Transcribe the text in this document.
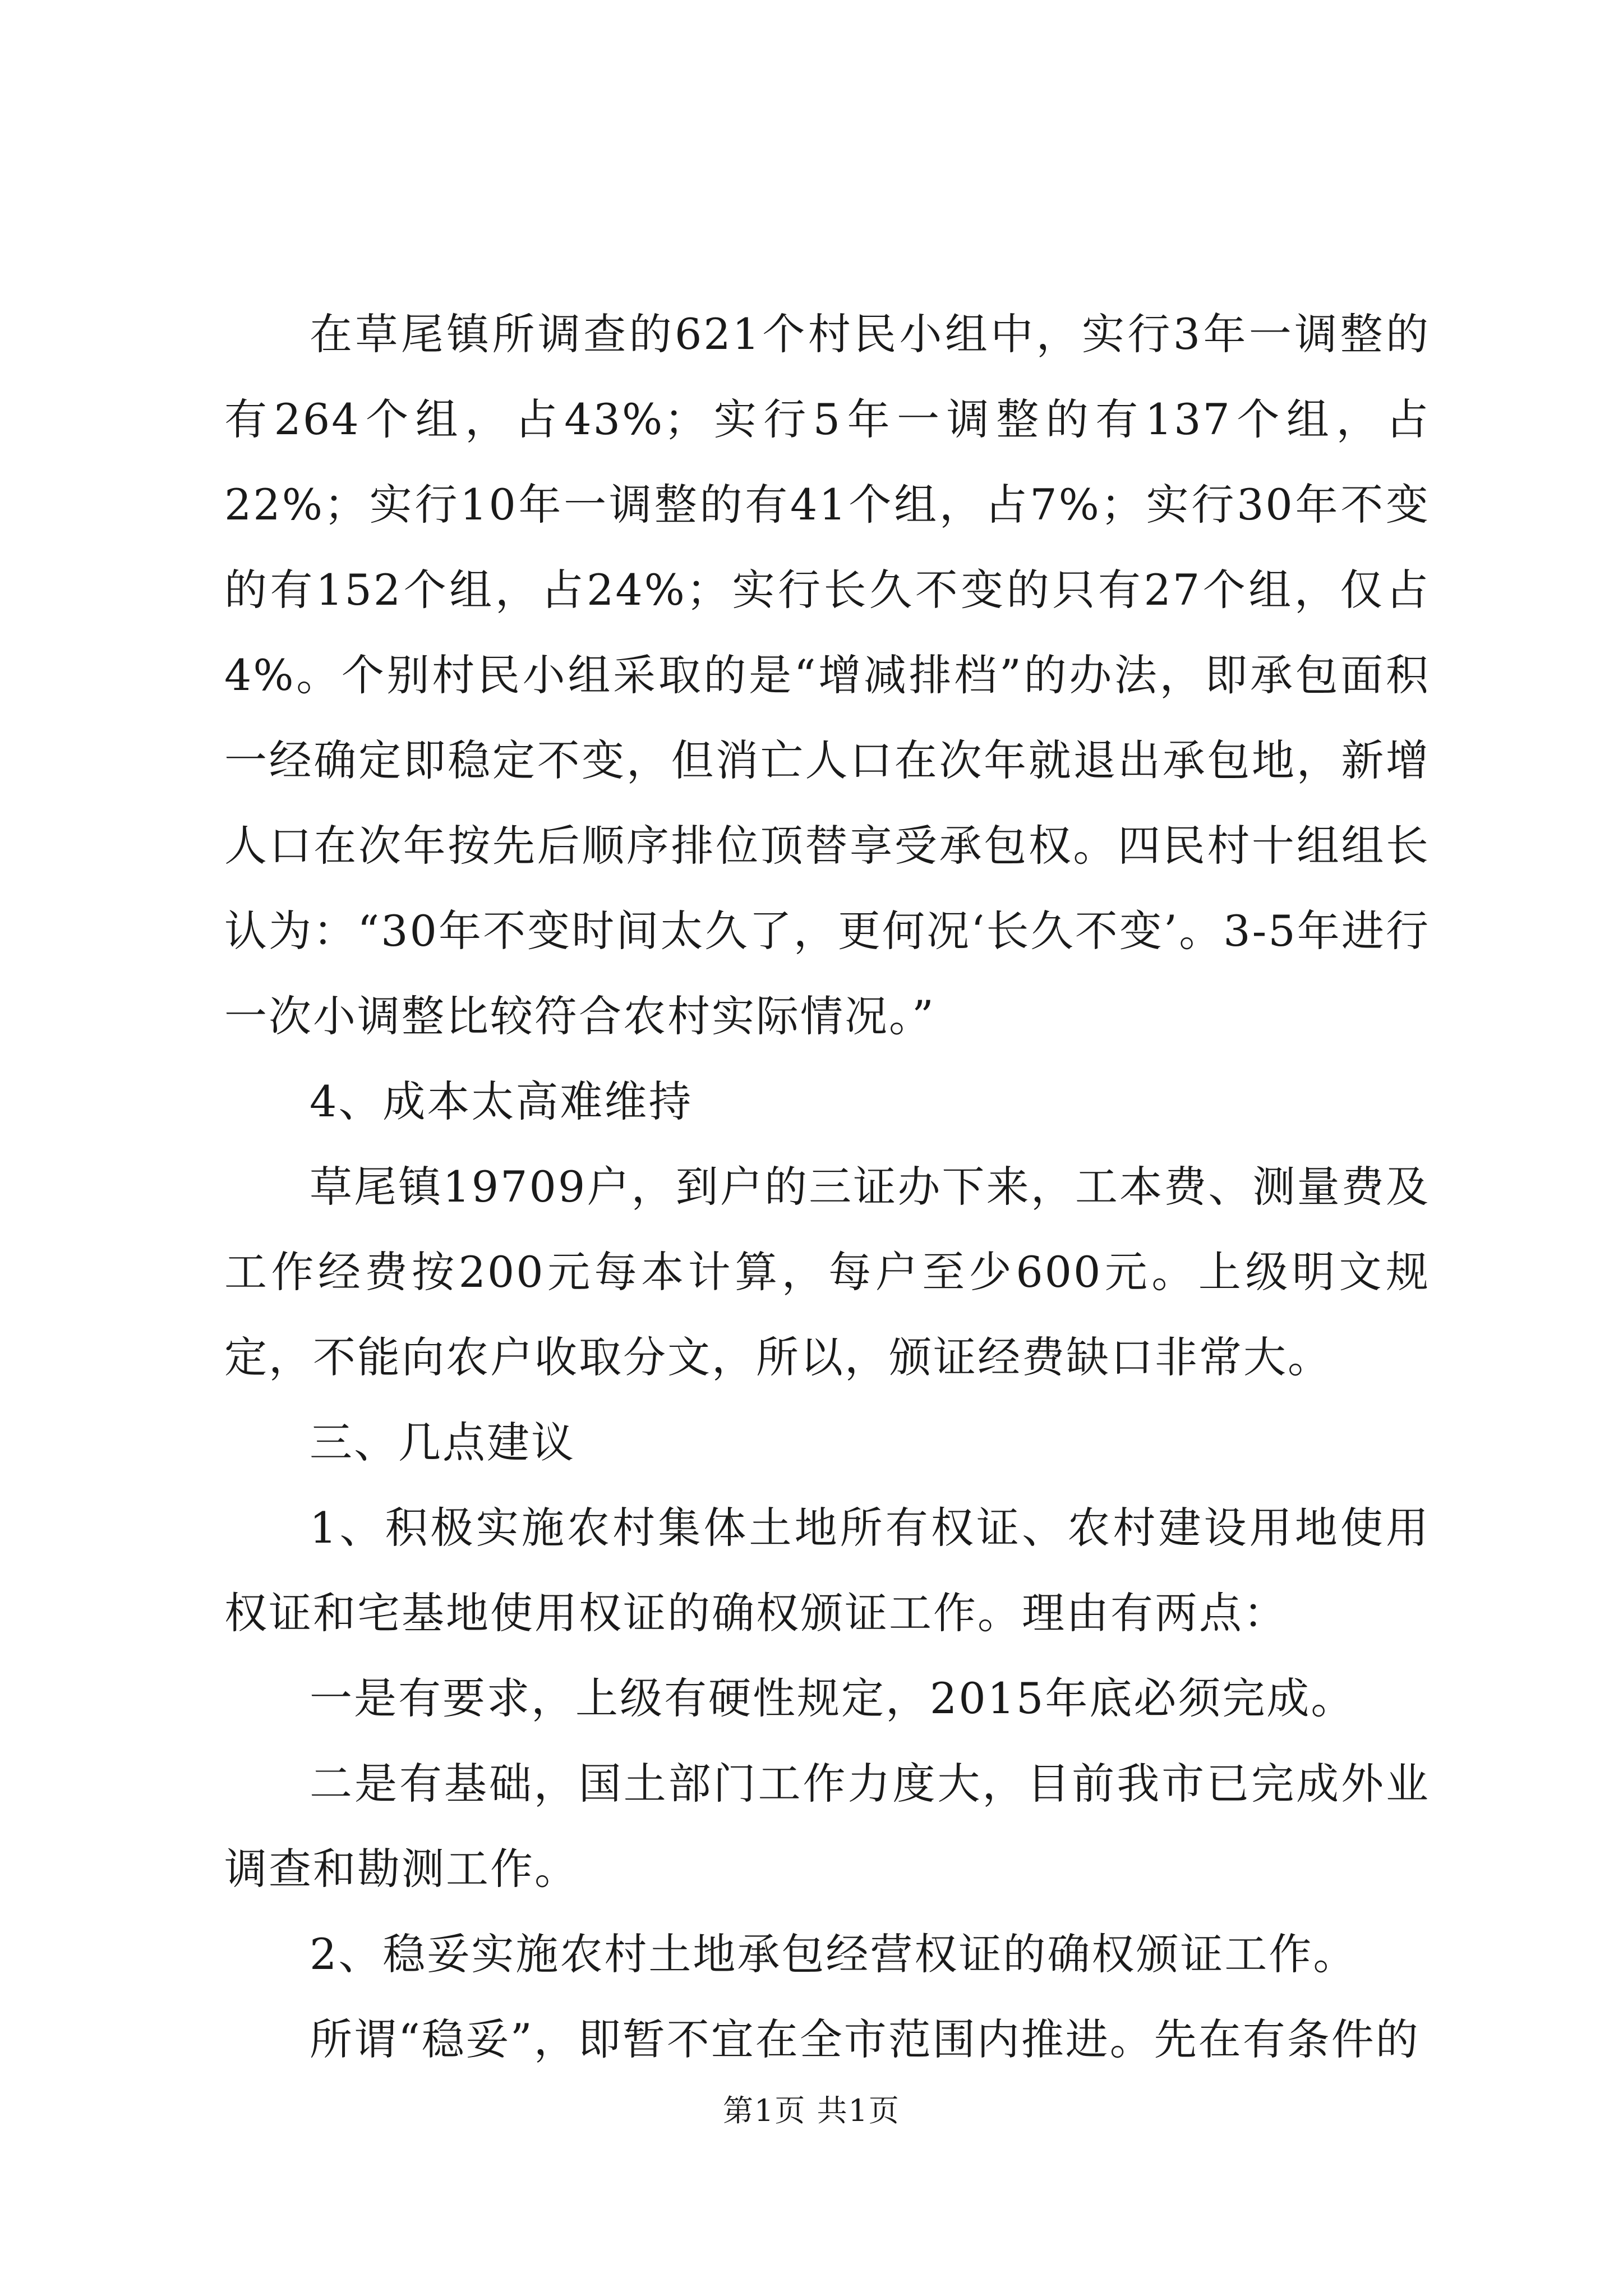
在草尾镇所调查的621个村民小组中，实行3年一调整的有264个组，占43%；实行5年一调整的有137个组，占22%；实行10年一调整的有41个组，占7%；实行30年不变的有152个组，占24%；实行长久不变的只有27个组，仅占4%。个别村民小组采取的是“增减排档”的办法，即承包面积一经确定即稳定不变，但消亡人口在次年就退出承包地，新增人口在次年按先后顺序排位顶替享受承包权。四民村十组组长认为：“30年不变时间太久了，更何况‘长久不变’。3-5年进行一次小调整比较符合农村实际情况。”

4、成本太高难维持

草尾镇19709户，到户的三证办下来，工本费、测量费及工作经费按200元每本计算，每户至少600元。上级明文规定，不能向农户收取分文，所以，颁证经费缺口非常大。

三、几点建议

1、积极实施农村集体土地所有权证、农村建设用地使用权证和宅基地使用权证的确权颁证工作。理由有两点：

一是有要求，上级有硬性规定，2015年底必须完成。

二是有基础，国土部门工作力度大，目前我市已完成外业调查和勘测工作。

2、稳妥实施农村土地承包经营权证的确权颁证工作。

所谓“稳妥”，即暂不宜在全市范围内推进。先在有条件的

第1页 共1页
